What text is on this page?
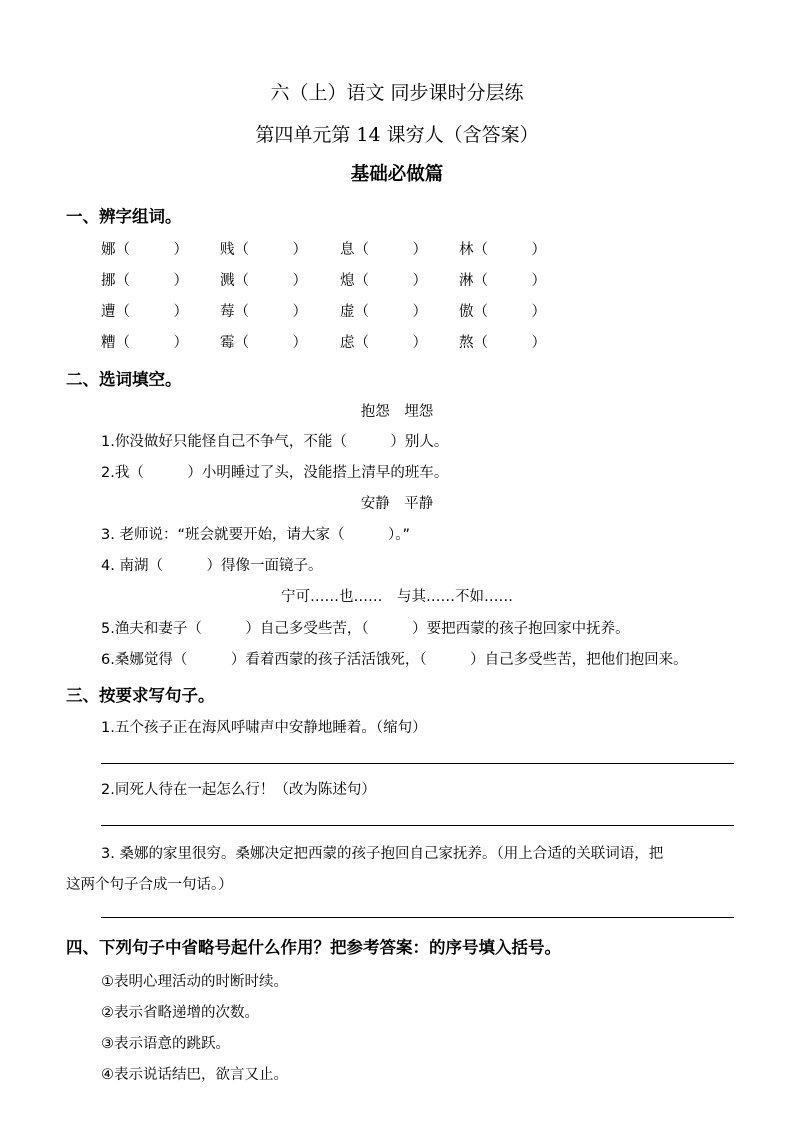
六（上）语文 同步课时分层练
第四单元第 14 课穷人（含答案）
基础必做篇
一、辨字组词。
娜（　　　） 贱（　　　） 息（　　　） 林（　　　）
挪（　　　） 溅（　　　） 熄（　　　） 淋（　　　）
遭（　　　） 莓（　　　） 虚（　　　） 傲（　　　）
糟（　　　） 霉（　　　） 虑（　　　） 熬（　　　）
二、选词填空。
抱怨　埋怨
1.你没做好只能怪自己不争气，不能（　　　）别人。
2.我（　　　）小明睡过了头，没能搭上清早的班车。
安静　平静
3. 老师说：“班会就要开始，请大家（　　　）。”
4. 南湖（　　　）得像一面镜子。
宁可……也……　与其……不如……
5.渔夫和妻子（　　　）自己多受些苦，（　　　）要把西蒙的孩子抱回家中抚养。
6.桑娜觉得（　　　）看着西蒙的孩子活活饿死，（　　　）自己多受些苦，把他们抱回来。
三、按要求写句子。
1.五个孩子正在海风呼啸声中安静地睡着。（缩句）
2.同死人待在一起怎么行！（改为陈述句）
3. 桑娜的家里很穷。桑娜决定把西蒙的孩子抱回自己家抚养。（用上合适的关联词语，把
这两个句子合成一句话。）
四、下列句子中省略号起什么作用？把参考答案：的序号填入括号。
①表明心理活动的时断时续。
②表示省略递增的次数。
③表示语意的跳跃。
④表示说话结巴，欲言又止。
